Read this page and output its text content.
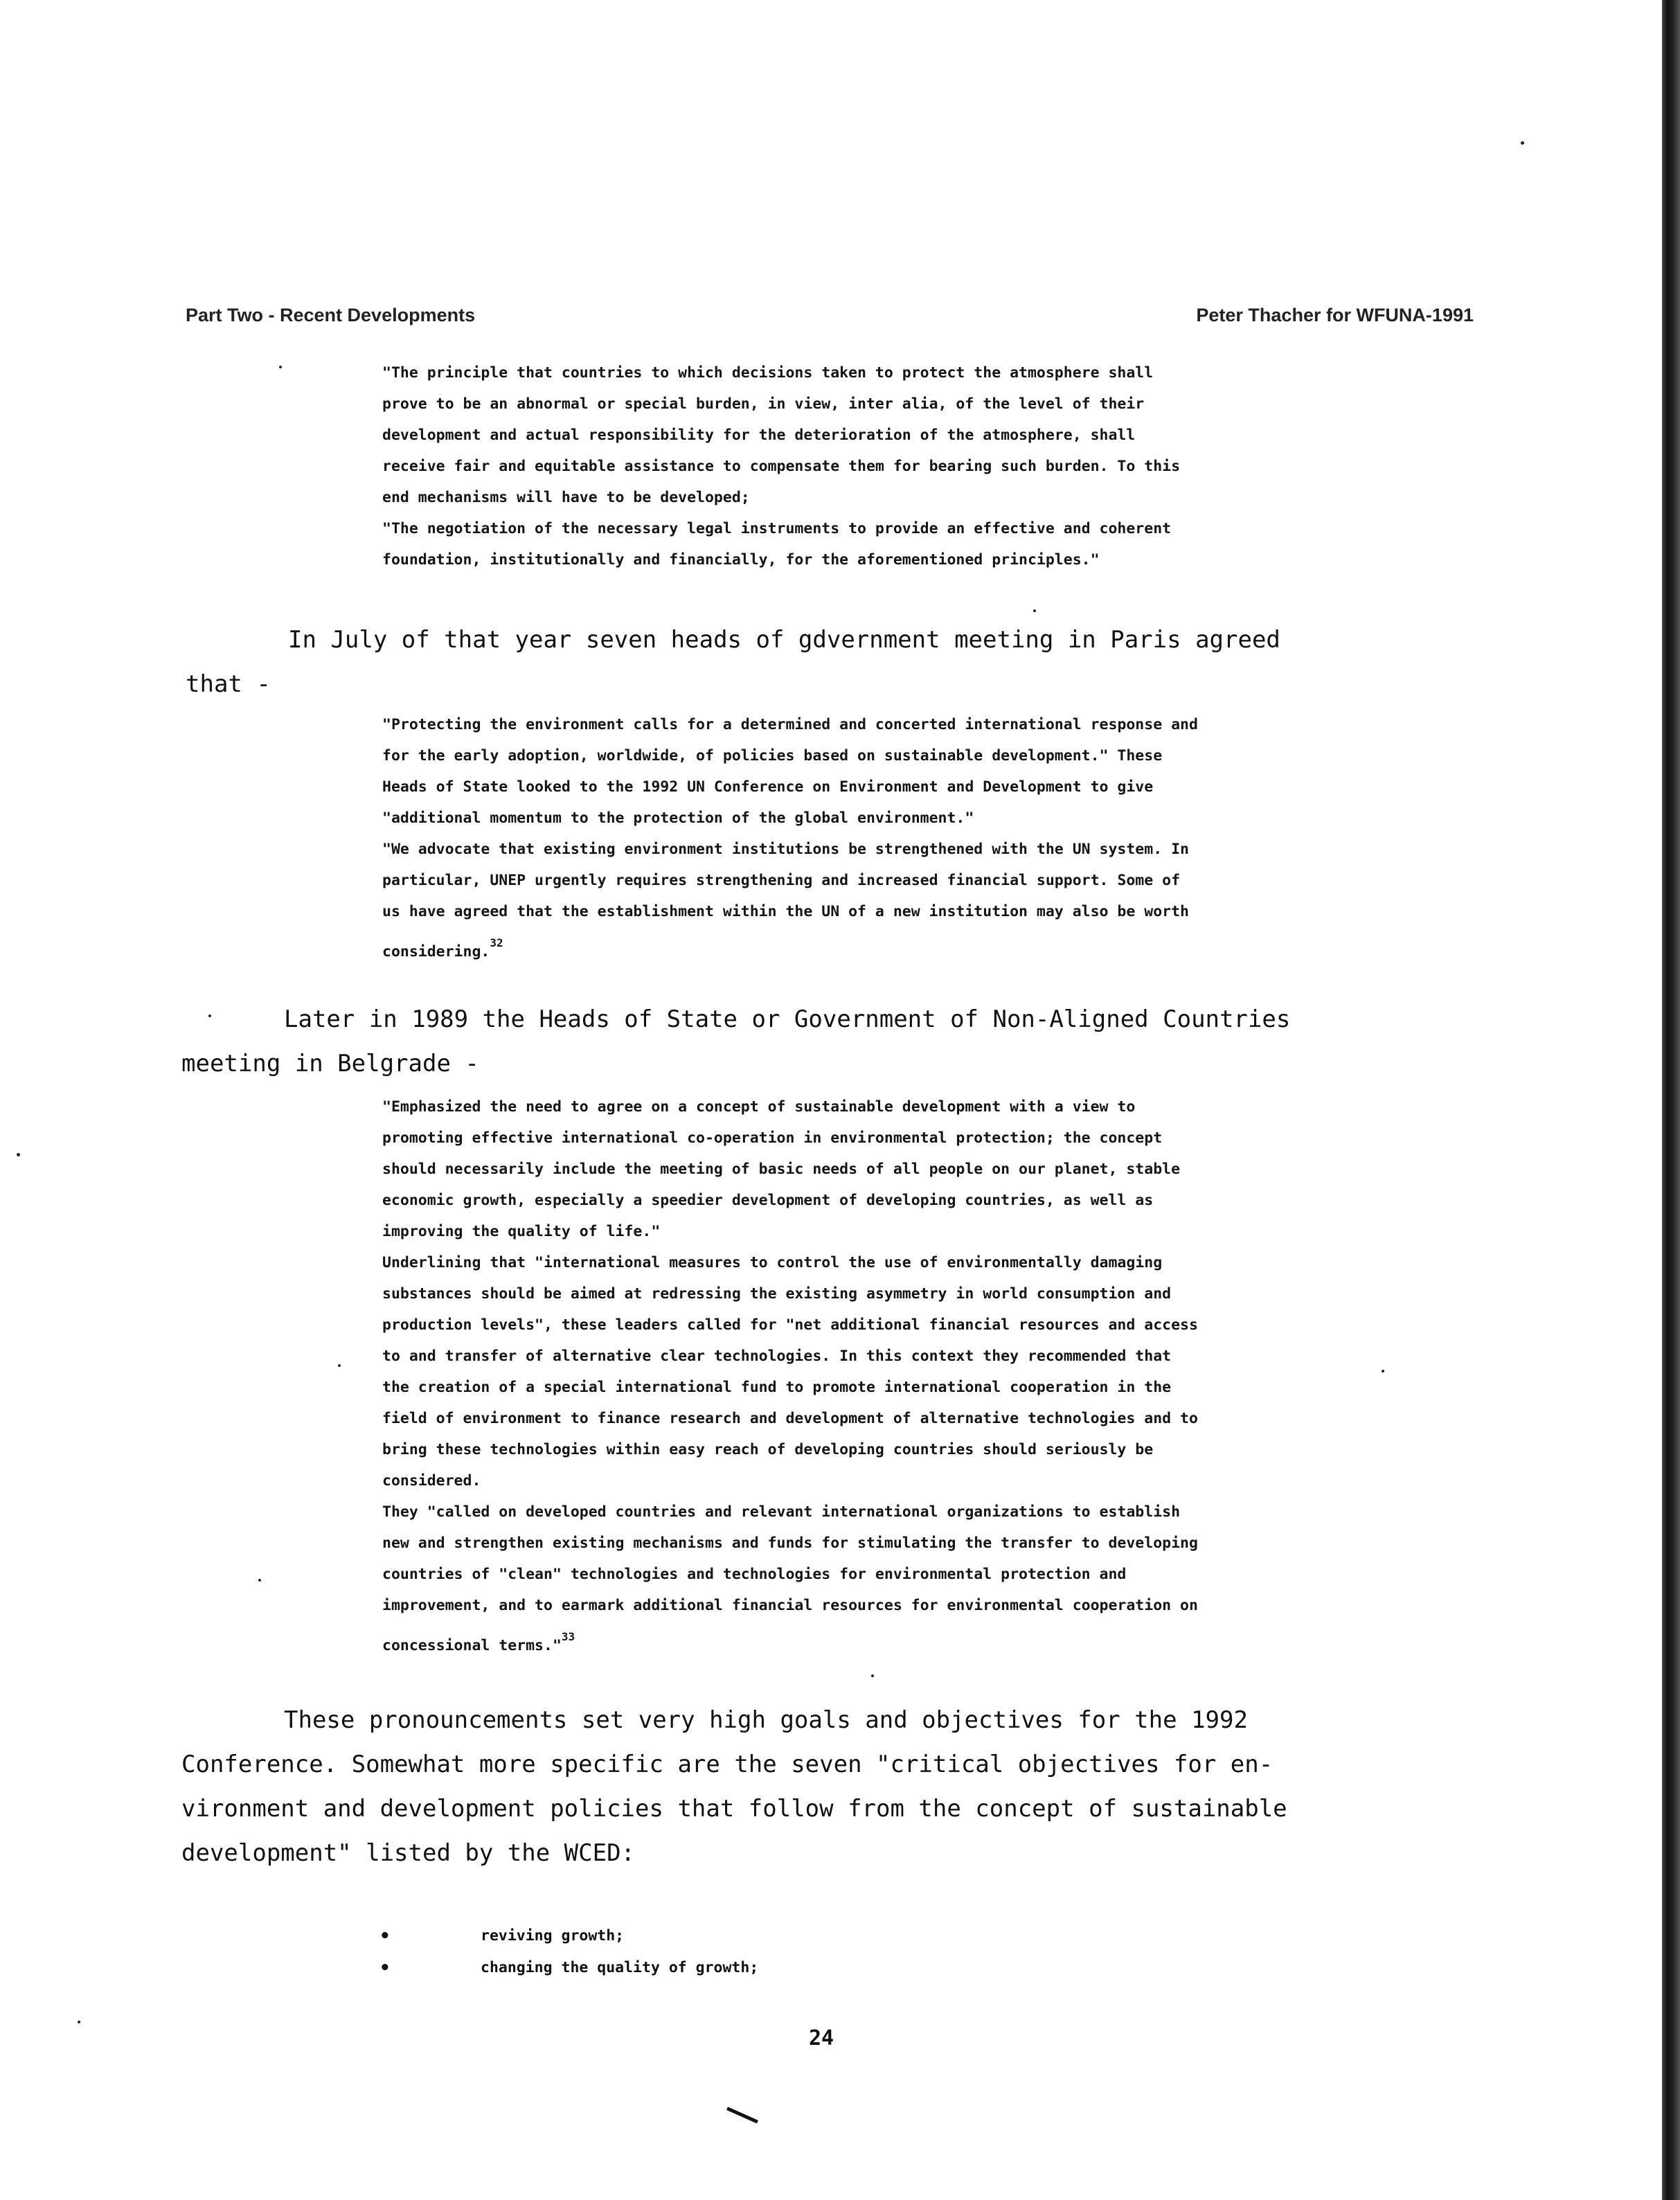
Part Two - Recent Developments	Peter Thacher for WFUNA-1991

"The principle that countries to which decisions taken to protect the atmosphere shall

prove to be an abnormal or special burden, in view, inter alia, of the level of their

development and actual responsibility for the deterioration of the atmosphere, shall

receive fair and equitable assistance to compensate them for bearing such burden. To this

end mechanisms will have to be developed;

"The negotiation of the necessary legal instruments to provide an effective and coherent

foundation, institutionally and financially, for the aforementioned principles."

In July of that year seven heads of gdvernment meeting in Paris agreed

that -

"Protecting the environment calls for a determined and concerted international response and

for the early adoption, worldwide, of policies based on sustainable development." These

Heads of State looked to the 1992 UN Conference on Environment and Development to give

"additional momentum to the protection of the global environment."

"We advocate that existing environment institutions be strengthened with the UN system. In

particular, UNEP urgently requires strengthening and increased financial support. Some of

us have agreed that the establishment within the UN of a new institution may also be worth

considering.$^{32}$

Later in 1989 the Heads of State or Government of Non-Aligned Countries

meeting in Belgrade -

"Emphasized the need to agree on a concept of sustainable development with a view to

promoting effective international co-operation in environmental protection; the concept

should necessarily include the meeting of basic needs of all people on our planet, stable

economic growth, especially a speedier development of developing countries, as well as

improving the quality of life."

Underlining that "international measures to control the use of environmentally damaging

substances should be aimed at redressing the existing asymmetry in world consumption and

production levels", these leaders called for "net additional financial resources and access

to and transfer of alternative clear technologies. In this context they recommended that

the creation of a special international fund to promote international cooperation in the

field of environment to finance research and development of alternative technologies and to

bring these technologies within easy reach of developing countries should seriously be

considered.

They "called on developed countries and relevant international organizations to establish

new and strengthen existing mechanisms and funds for stimulating the transfer to developing

countries of "clean" technologies and technologies for environmental protection and

improvement, and to earmark additional financial resources for environmental cooperation on

concessional terms."$^{33}$

These pronouncements set very high goals and objectives for the 1992

Conference. Somewhat more specific are the seven "critical objectives for en-

vironment and development policies that follow from the concept of sustainable

development" listed by the WCED:

•	reviving growth;
•	changing the quality of growth;
24
